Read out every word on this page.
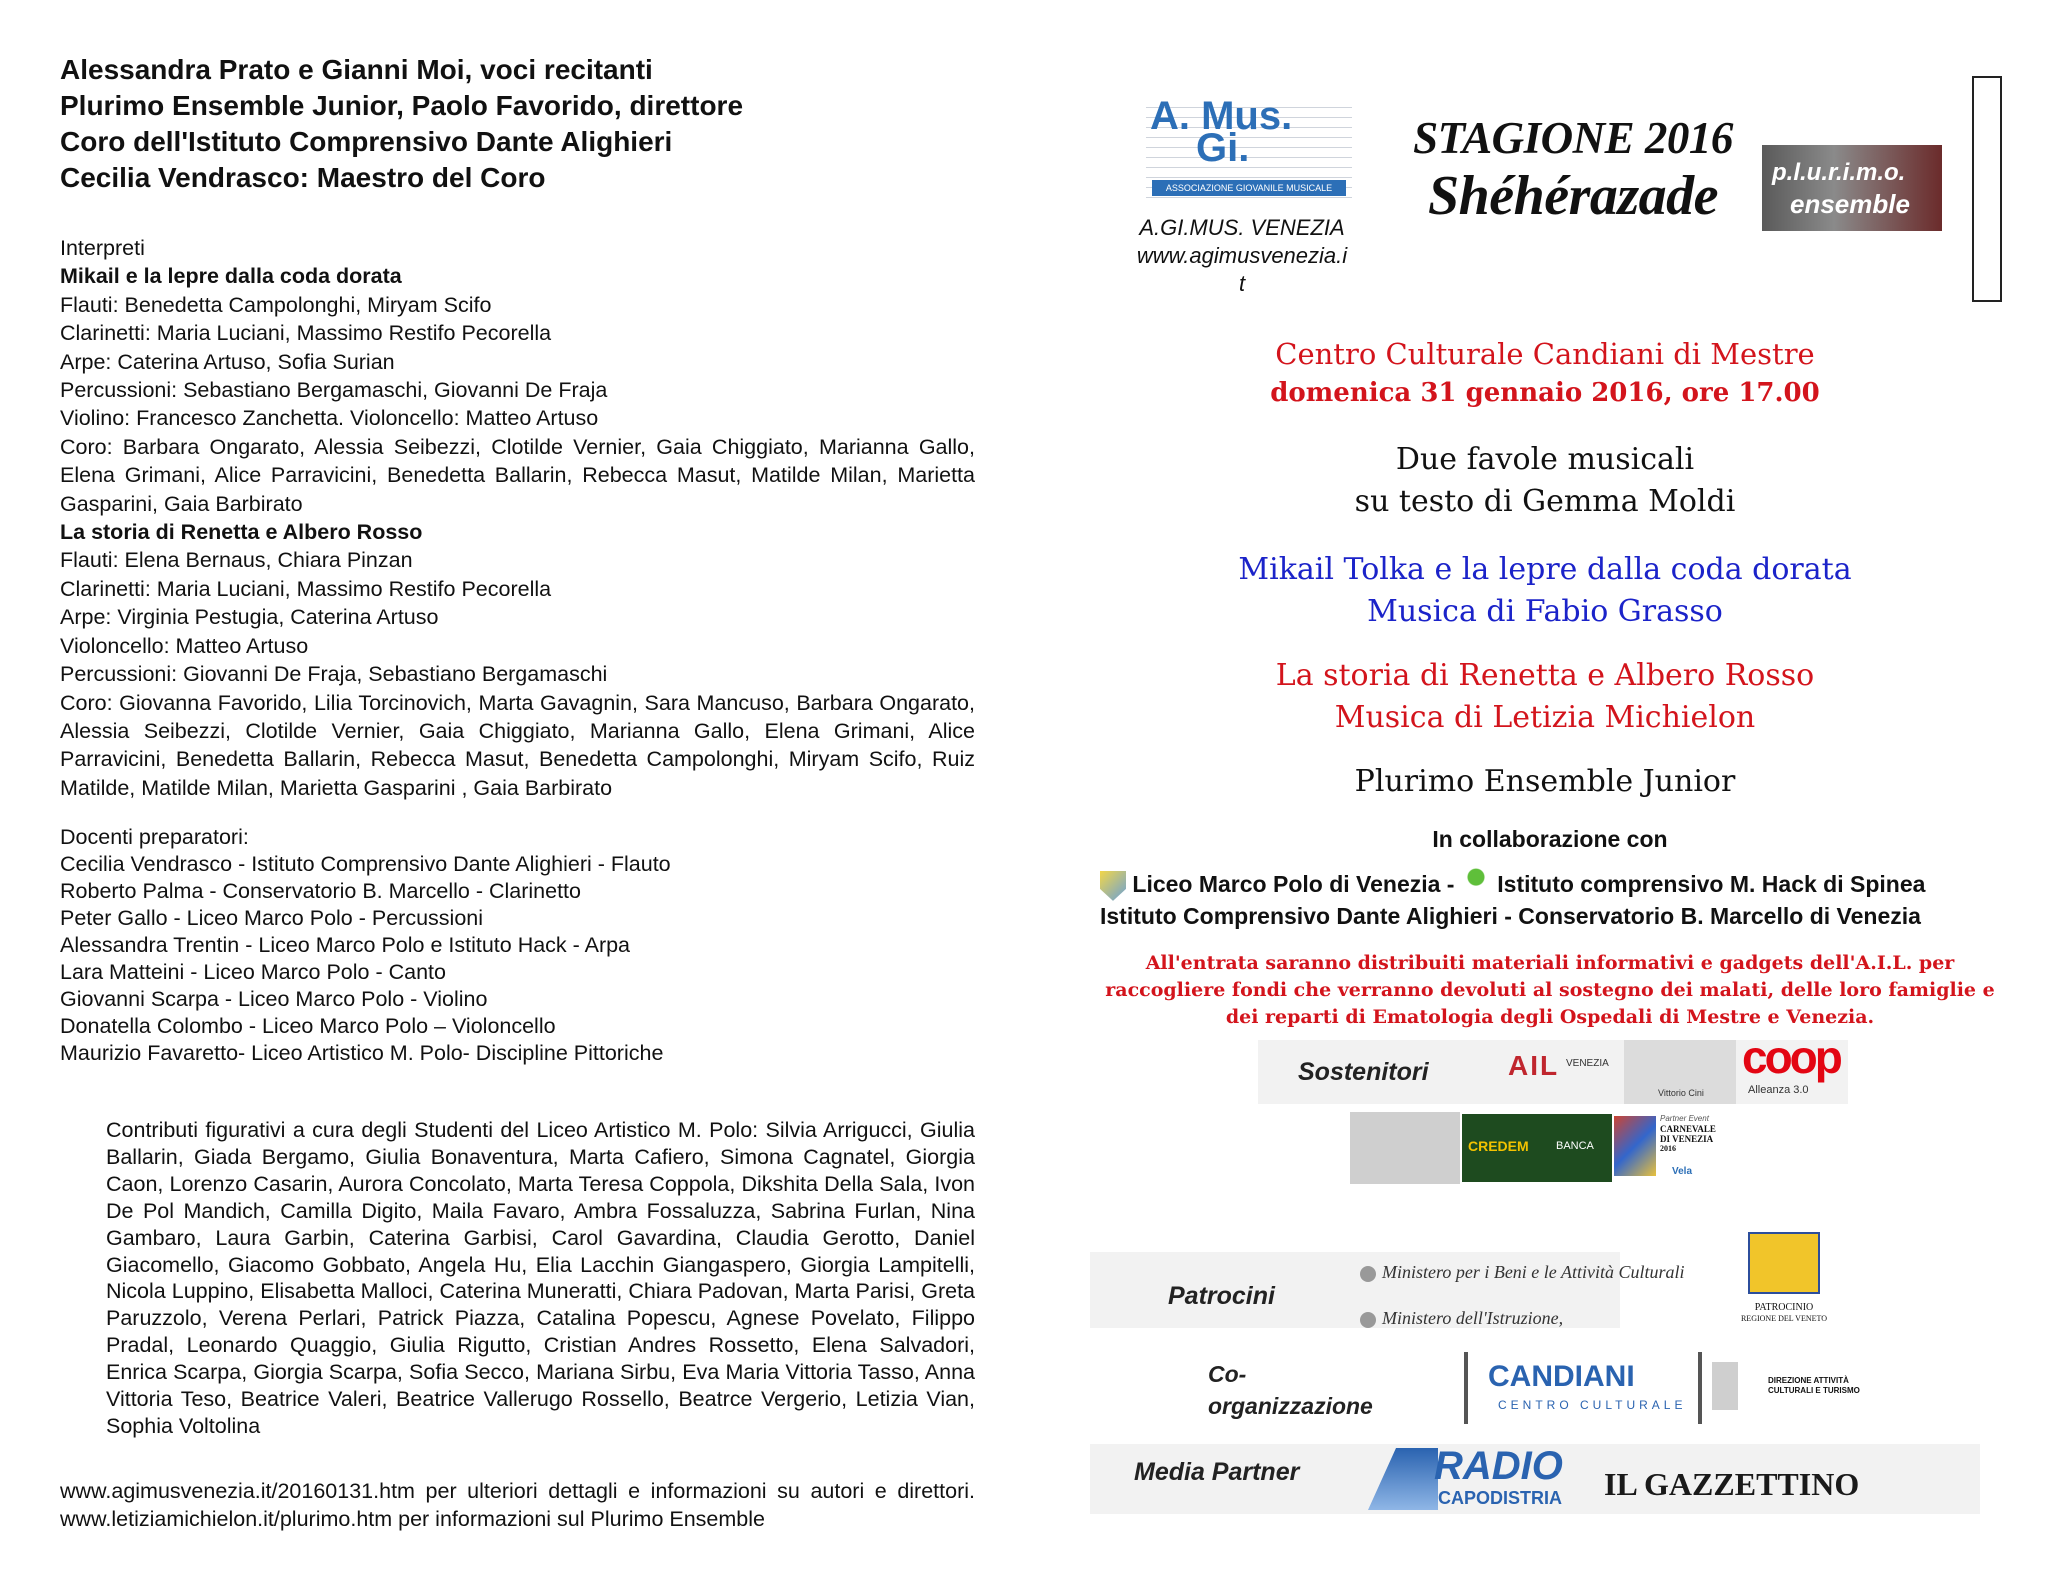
Alessandra Prato e Gianni Moi, voci recitanti
Plurimo Ensemble Junior, Paolo Favorido, direttore
Coro dell'Istituto Comprensivo Dante Alighieri
Cecilia Vendrasco: Maestro del Coro
Interpreti
Mikail e la lepre dalla coda dorata
Flauti: Benedetta Campolonghi, Miryam Scifo
Clarinetti: Maria Luciani, Massimo Restifo Pecorella
Arpe: Caterina Artuso, Sofia Surian
Percussioni: Sebastiano Bergamaschi, Giovanni De Fraja
Violino: Francesco Zanchetta. Violoncello: Matteo Artuso
Coro: Barbara Ongarato, Alessia Seibezzi, Clotilde Vernier, Gaia Chiggiato, Marianna Gallo, Elena Grimani, Alice Parravicini, Benedetta Ballarin, Rebecca Masut, Matilde Milan, Marietta Gasparini, Gaia Barbirato
La storia di Renetta e Albero Rosso
Flauti: Elena Bernaus, Chiara Pinzan
Clarinetti: Maria Luciani, Massimo Restifo Pecorella
Arpe: Virginia Pestugia, Caterina Artuso
Violoncello: Matteo Artuso
Percussioni: Giovanni De Fraja, Sebastiano Bergamaschi
Coro: Giovanna Favorido, Lilia Torcinovich, Marta Gavagnin, Sara Mancuso, Barbara Ongarato, Alessia Seibezzi, Clotilde Vernier, Gaia Chiggiato, Marianna Gallo, Elena Grimani, Alice Parravicini, Benedetta Ballarin, Rebecca Masut, Benedetta Campolonghi, Miryam Scifo, Ruiz Matilde, Matilde Milan, Marietta Gasparini , Gaia Barbirato
Docenti preparatori:
Cecilia Vendrasco - Istituto Comprensivo Dante Alighieri - Flauto
Roberto Palma - Conservatorio B. Marcello - Clarinetto
Peter Gallo - Liceo Marco Polo - Percussioni
Alessandra Trentin - Liceo Marco Polo e Istituto Hack - Arpa
Lara Matteini - Liceo Marco Polo - Canto
Giovanni Scarpa - Liceo Marco Polo - Violino
Donatella Colombo - Liceo Marco Polo – Violoncello
Maurizio Favaretto- Liceo Artistico M. Polo- Discipline Pittoriche
Contributi figurativi a cura degli Studenti del Liceo Artistico M. Polo: Silvia Arrigucci, Giulia Ballarin, Giada Bergamo, Giulia Bonaventura, Marta Cafiero, Simona Cagnatel, Giorgia Caon, Lorenzo Casarin, Aurora Concolato, Marta Teresa Coppola, Dikshita Della Sala, Ivon De Pol Mandich, Camilla Digito, Maila Favaro, Ambra Fossaluzza, Sabrina Furlan, Nina Gambaro, Laura Garbin, Caterina Garbisi, Carol Gavardina, Claudia Gerotto, Daniel Giacomello, Giacomo Gobbato, Angela Hu, Elia Lacchin Giangaspero, Giorgia Lampitelli, Nicola Luppino, Elisabetta Malloci, Caterina Muneratti, Chiara Padovan, Marta Parisi, Greta Paruzzolo, Verena Perlari, Patrick Piazza, Catalina Popescu, Agnese Povelato, Filippo Pradal, Leonardo Quaggio, Giulia Rigutto, Cristian Andres Rossetto, Elena Salvadori, Enrica Scarpa, Giorgia Scarpa, Sofia Secco, Mariana Sirbu, Eva Maria Vittoria Tasso, Anna Vittoria Teso, Beatrice Valeri, Beatrice Vallerugo Rossello, Beatrce Vergerio, Letizia Vian, Sophia Voltolina
www.agimusvenezia.it/20160131.htm per ulteriori dettagli e informazioni su autori e direttori. www.letiziamichielon.it/plurimo.htm per informazioni sul Plurimo Ensemble
A. Mus.
Gi.
ASSOCIAZIONE GIOVANILE MUSICALE
A.GI.MUS. VENEZIA
www.agimusvenezia.i
t
STAGIONE 2016
Shéhérazade	p.l.u.r.i.m.o.
ensemble
Centro Culturale Candiani di Mestre
domenica 31 gennaio 2016, ore 17.00
Due favole musicali
su testo di Gemma Moldi
Mikail Tolka e la lepre dalla coda dorata
Musica di Fabio Grasso
La storia di Renetta e Albero Rosso
Musica di Letizia Michielon
Plurimo Ensemble Junior
In collaborazione con
Liceo Marco Polo di Venezia - Istituto comprensivo M. Hack di Spinea
Istituto Comprensivo Dante Alighieri - Conservatorio B. Marcello di Venezia
All'entrata saranno distribuiti materiali informativi e gadgets dell'A.I.L. per raccogliere fondi che verranno devoluti al sostegno dei malati, delle loro famiglie e dei reparti di Ematologia degli Ospedali di Mestre e Venezia.
Sostenitori	AIL VENEZIA
Vittorio Cini
coop
Alleanza 3.0
CREDEM BANCA
Partner Event
CARNEVALE
DI VENEZIA
2016
Vela
Patrocini
Ministero per i Beni e le Attività Culturali
Ministero dell'Istruzione,
PATROCINIO
REGIONE DEL VENETO
Co-
organizzazione
CANDIANI
CENTRO CULTURALE
DIREZIONE ATTIVITÀ
CULTURALI E TURISMO
Media Partner	RADIO
CAPODISTRIA IL GAZZETTINO
